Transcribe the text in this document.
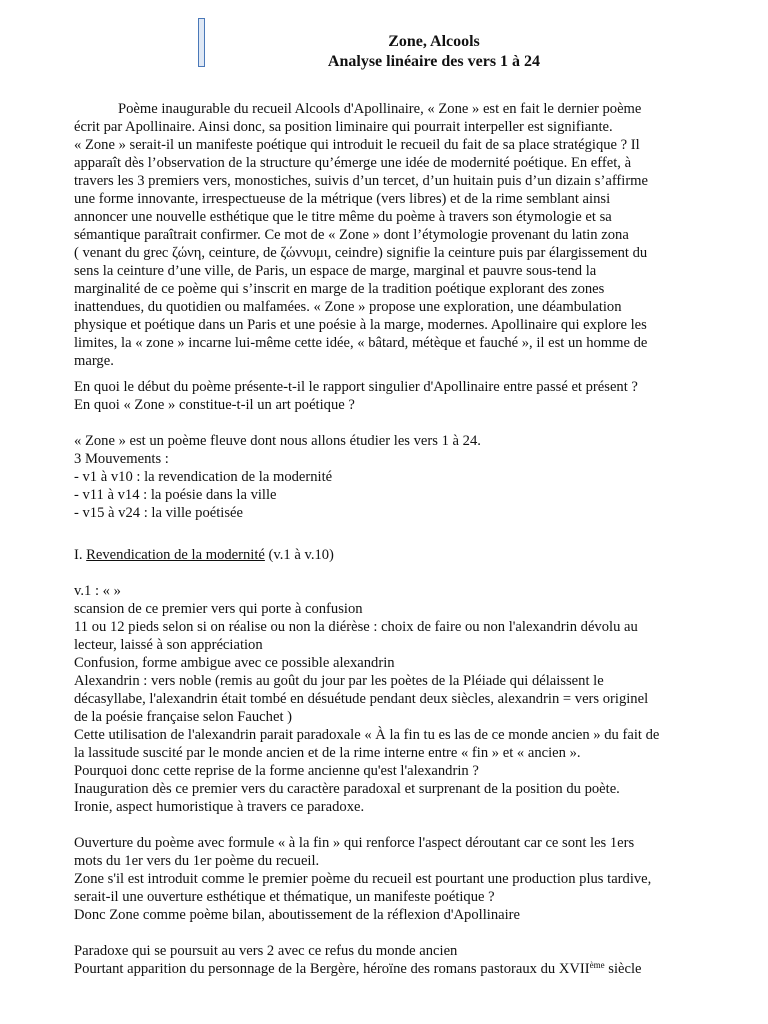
Zone, Alcools

Analyse linéaire des vers 1 à 24

Poème inaugurable du recueil Alcools d'Apollinaire, « Zone » est en fait le dernier poème

écrit par Apollinaire. Ainsi donc, sa position liminaire qui pourrait interpeller est signifiante.

« Zone » serait-il un manifeste poétique qui introduit le recueil du fait de sa place stratégique ? Il

apparaît dès l’observation de la structure qu’émerge une idée de modernité poétique. En effet, à

travers les 3 premiers vers, monostiches, suivis d’un tercet, d’un huitain puis d’un dizain s’affirme

une forme innovante, irrespectueuse de la métrique (vers libres) et de la rime semblant ainsi

annoncer une nouvelle esthétique que le titre même du poème à travers son étymologie et sa

sémantique paraîtrait confirmer. Ce mot de « Zone » dont l’étymologie provenant du latin zona

( venant du grec ζώνη, ceinture, de ζώννυμι, ceindre) signifie la ceinture puis par élargissement du

sens la ceinture d’une ville, de Paris, un espace de marge, marginal et pauvre sous-tend la

marginalité de ce poème qui s’inscrit en marge de la tradition poétique explorant des zones

inattendues, du quotidien ou malfamées. « Zone » propose une exploration, une déambulation

physique et poétique dans un Paris et une poésie à la marge, modernes. Apollinaire qui explore les

limites, la « zone » incarne lui-même cette idée, « bâtard, métèque et fauché », il est un homme de

marge.

En quoi le début du poème présente-t-il le rapport singulier d'Apollinaire entre passé et présent ?

En quoi « Zone » constitue-t-il un art poétique ?

« Zone » est un poème fleuve dont nous allons étudier les vers 1 à 24.

3 Mouvements :

- v1 à v10 : la revendication de la modernité

- v11 à v14 : la poésie dans la ville

- v15 à v24 : la ville poétisée

I. Revendication de la modernité (v.1 à v.10)

v.1 : « »

scansion de ce premier vers qui porte à confusion

11 ou 12 pieds selon si on réalise ou non la diérèse : choix de faire ou non l'alexandrin dévolu au

lecteur, laissé à son appréciation

Confusion, forme ambigue avec ce possible alexandrin

Alexandrin : vers noble (remis au goût du jour par les poètes de la Pléiade qui délaissent le

décasyllabe, l'alexandrin était tombé en désuétude pendant deux siècles, alexandrin = vers originel

de la poésie française selon Fauchet )

Cette utilisation de l'alexandrin parait paradoxale « À la fin tu es las de ce monde ancien » du fait de

la lassitude suscité par le monde ancien et de la rime interne entre « fin » et « ancien ».

Pourquoi donc cette reprise de la forme ancienne qu'est l'alexandrin ?

Inauguration dès ce premier vers du caractère paradoxal et surprenant de la position du poète.

Ironie, aspect humoristique à travers ce paradoxe.

Ouverture du poème avec formule « à la fin » qui renforce l'aspect déroutant car ce sont les 1ers

mots du 1er vers du 1er poème du recueil.

Zone s'il est introduit comme le premier poème du recueil est pourtant une production plus tardive,

serait-il une ouverture esthétique et thématique, un manifeste poétique ?

Donc Zone comme poème bilan, aboutissement de la réflexion d'Apollinaire

Paradoxe qui se poursuit au vers 2 avec ce refus du monde ancien

Pourtant apparition du personnage de la Bergère, héroïne des romans pastoraux du XVIIème siècle
